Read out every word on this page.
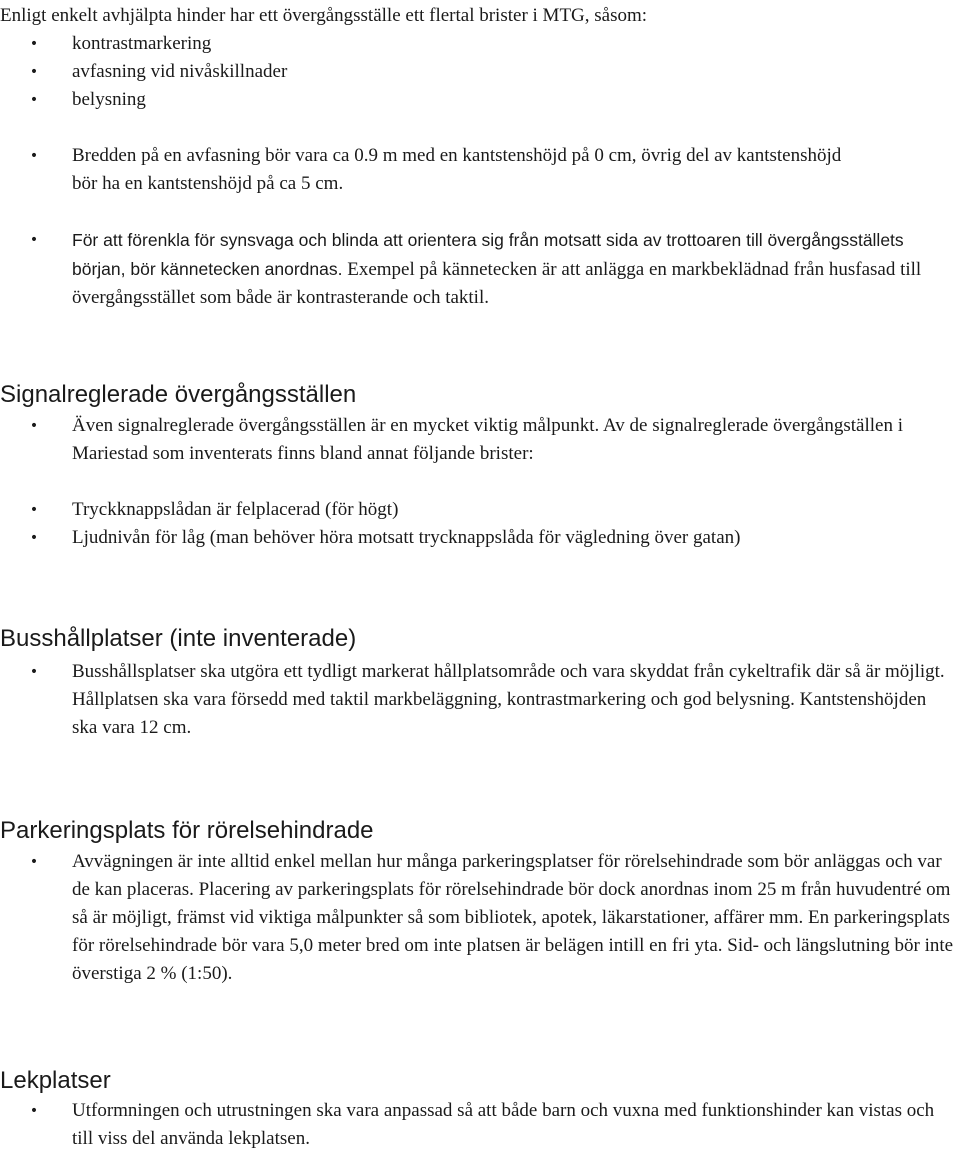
Enligt enkelt avhjälpta hinder har ett övergångsställe ett flertal brister i MTG, såsom:
• kontrastmarkering
• avfasning vid nivåskillnader
• belysning
• Bredden på en avfasning bör vara ca 0.9 m med en kantstenshöjd på 0 cm, övrig del av kantstenshöjd bör ha en kantstenshöjd på ca 5 cm.
• För att förenkla för synsvaga och blinda att orientera sig från motsatt sida av trottoaren till övergångsställets början, bör kännetecken anordnas. Exempel på kännetecken är att anlägga en markbeklädnad från husfasad till övergångsstället som både är kontrasterande och taktil.
Signalreglerade övergångsställen
• Även signalreglerade övergångsställen är en mycket viktig målpunkt. Av de signalreglerade övergångställen i Mariestad som inventerats finns bland annat följande brister:
• Tryckknappslådan är felplacerad (för högt)
• Ljudnivån för låg (man behöver höra motsatt trycknappslåda för vägledning över gatan)
Busshållplatser (inte inventerade)
• Busshållsplatser ska utgöra ett tydligt markerat hållplatsområde och vara skyddat från cykeltrafik där så är möjligt. Hållplatsen ska vara försedd med taktil markbeläggning, kontrastmarkering och god belysning. Kantstenshöjden ska vara 12 cm.
Parkeringsplats för rörelsehindrade
• Avvägningen är inte alltid enkel mellan hur många parkeringsplatser för rörelsehindrade som bör anläggas och var de kan placeras. Placering av parkeringsplats för rörelsehindrade bör dock anordnas inom 25 m från huvudentré om så är möjligt, främst vid viktiga målpunkter så som bibliotek, apotek, läkarstationer, affärer mm. En parkeringsplats för rörelsehindrade bör vara 5,0 meter bred om inte platsen är belägen intill en fri yta. Sid- och längslutning bör inte överstiga 2 % (1:50).
Lekplatser
• Utformningen och utrustningen ska vara anpassad så att både barn och vuxna med funktionshinder kan vistas och till viss del använda lekplatsen.
